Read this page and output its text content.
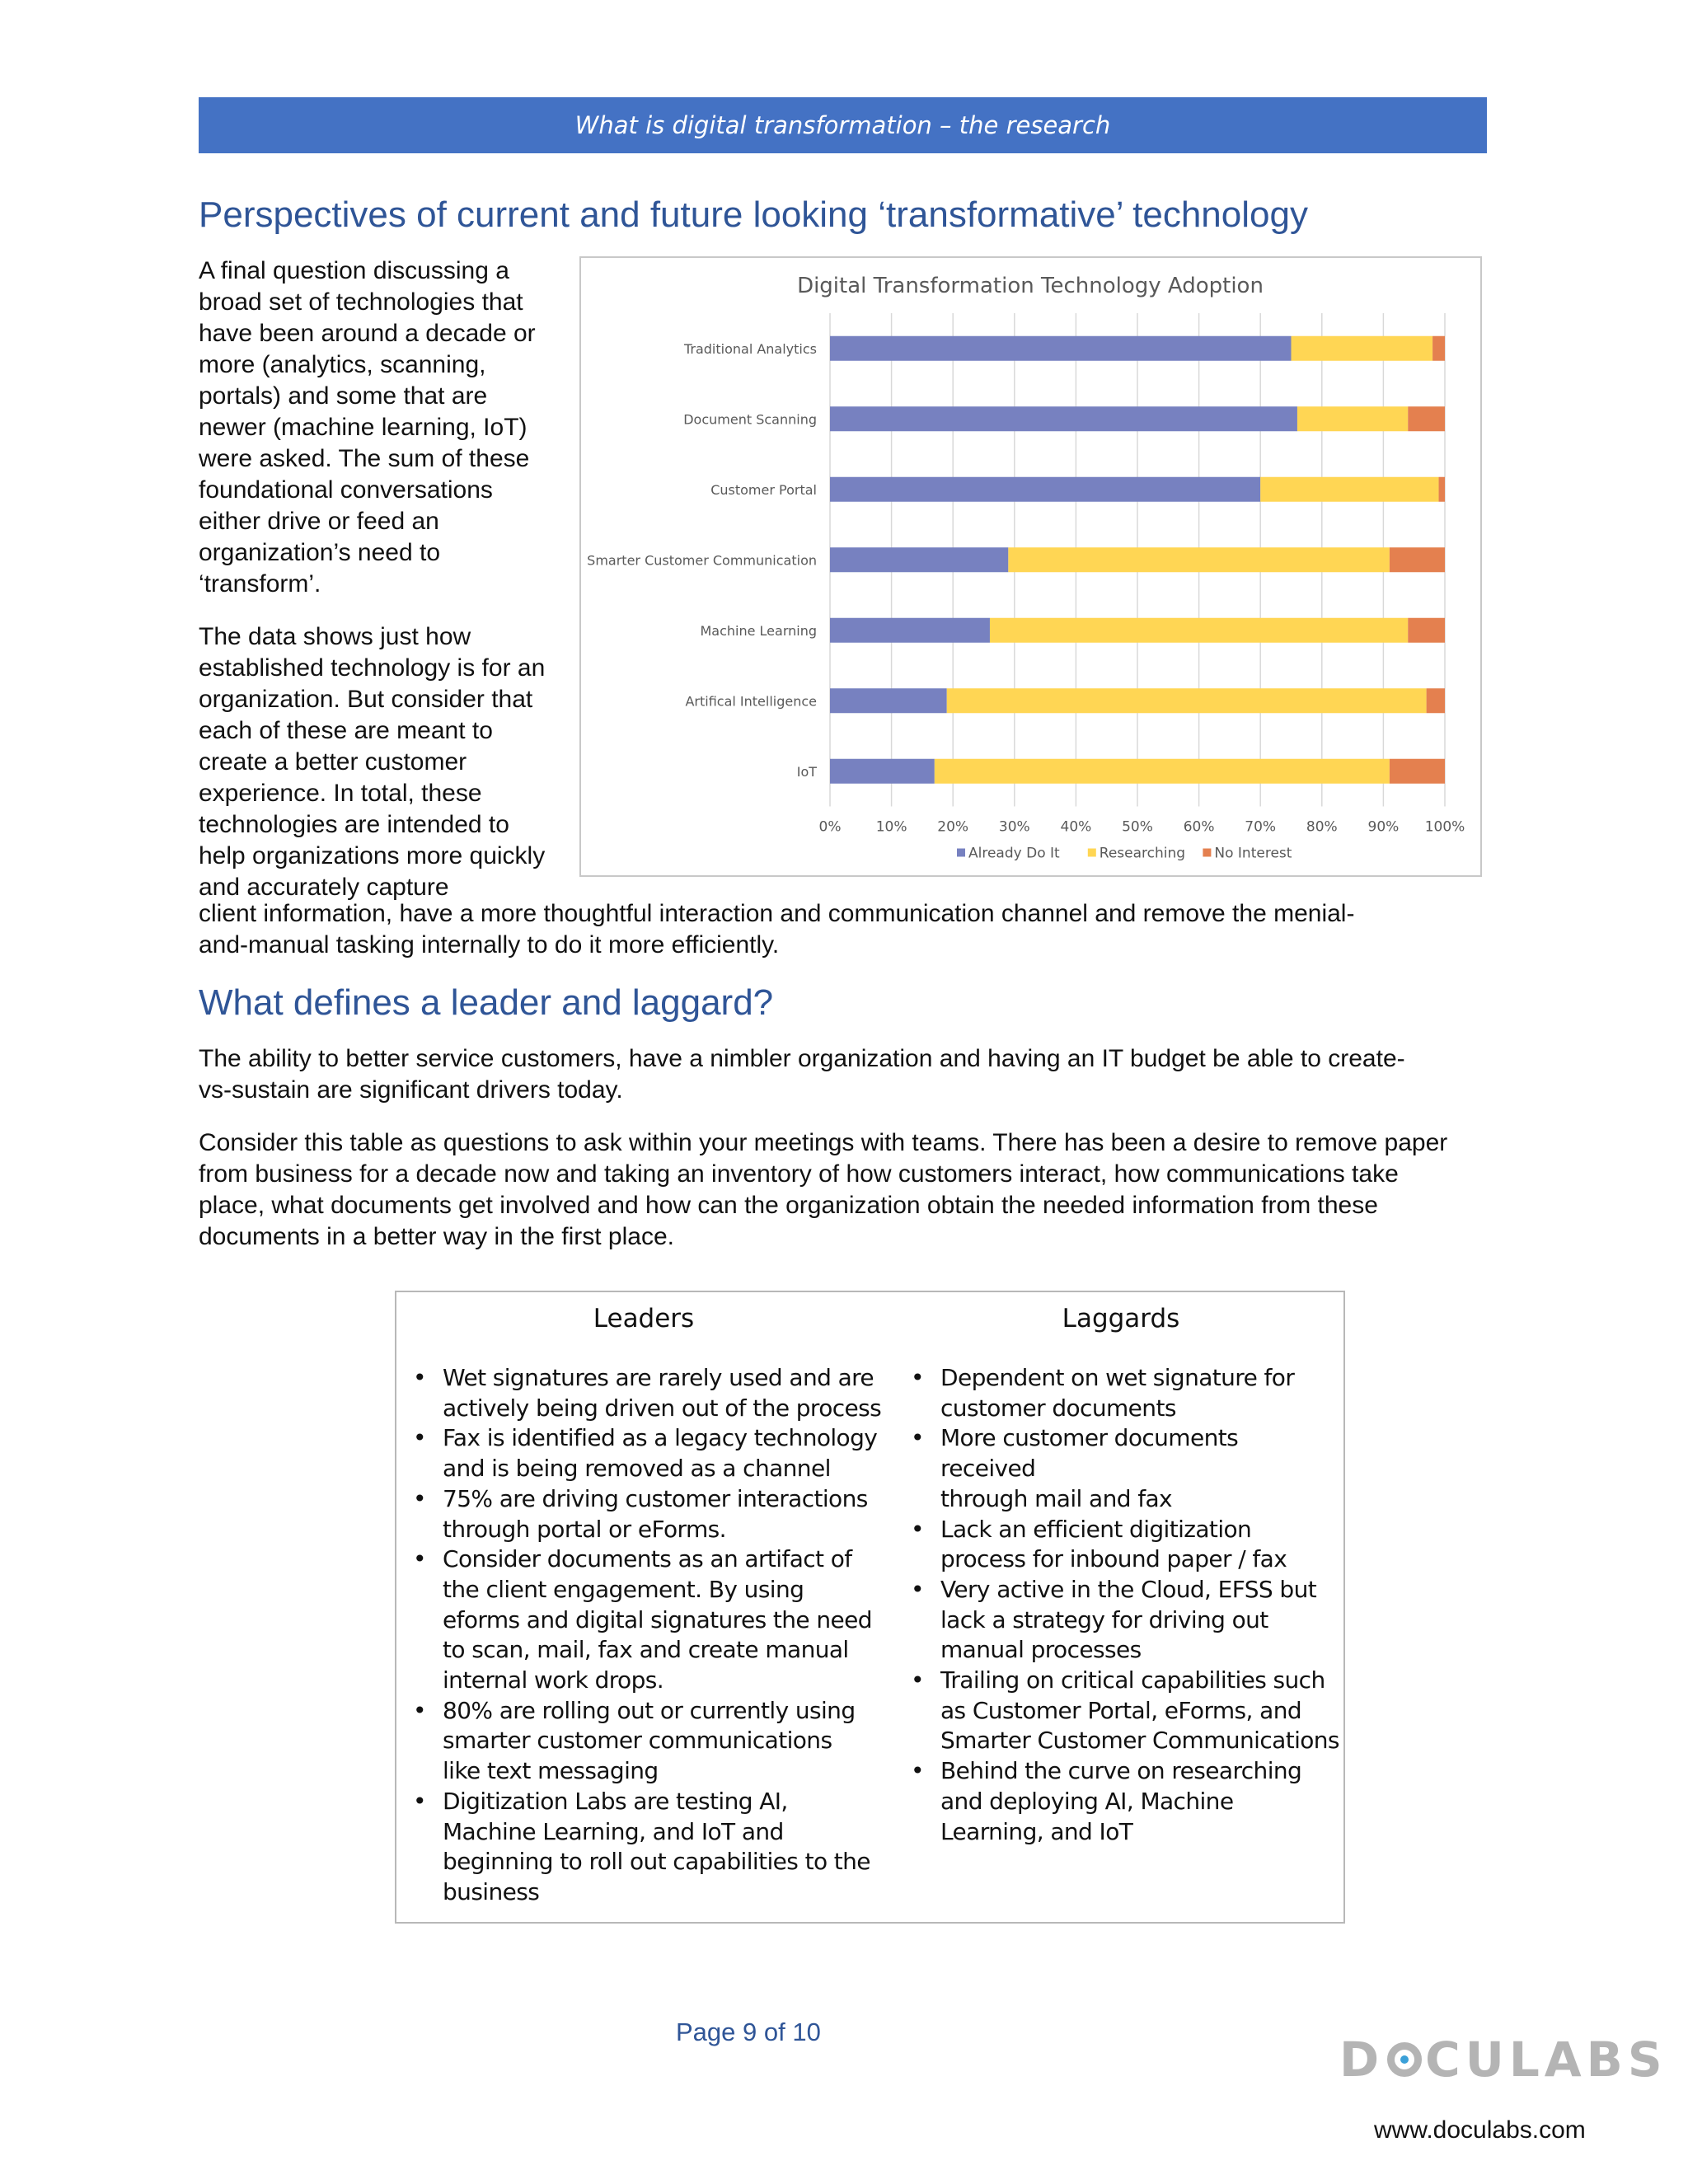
What is digital transformation – the research
Perspectives of current and future looking ‘transformative’ technology

A final question discussing a broad set of technologies that have been around a decade or more (analytics, scanning, portals) and some that are newer (machine learning, IoT) were asked. The sum of these foundational conversations either drive or feed an organization’s need to ‘transform’.

The data shows just how established technology is for an organization. But consider that each of these are meant to create a better customer experience. In total, these technologies are intended to help organizations more quickly and accurately capture

client information, have a more thoughtful interaction and communication channel and remove the menial-
and-manual tasking internally to do it more efficiently.
Digital Transformation Technology Adoption
Traditional Analytics
Document Scanning
Customer Portal
Smarter Customer Communication
Machine Learning
Artifical Intelligence
IoT
0% 10% 20% 30% 40% 50% 60% 70% 80% 90% 100%
Already Do It	Researching No Interest
What defines a leader and laggard?
The ability to better service customers, have a nimbler organization and having an IT budget be able to create-
vs-sustain are significant drivers today.

Consider this table as questions to ask within your meetings with teams. There has been a desire to remove paper from business for a decade now and taking an inventory of how customers interact, how communications take place, what documents get involved and how can the organization obtain the needed information from these documents in a better way in the first place.

Leaders
• Wet signatures are rarely used and are
actively being driven out of the process
• Fax is identified as a legacy technology
and is being removed as a channel
• 75% are driving customer interactions
through portal or eForms.
• Consider documents as an artifact of
the client engagement. By using
eforms and digital signatures the need
to scan, mail, fax and create manual
internal work drops.
• 80% are rolling out or currently using
smarter customer communications
like text messaging
• Digitization Labs are testing AI,
Machine Learning, and IoT and
beginning to roll out capabilities to the
business
Laggards
• Dependent on wet signature for
customer documents
• More customer documents received
through mail and fax
• Lack an efficient digitization
process for inbound paper / fax
• Very active in the Cloud, EFSS but
lack a strategy for driving out
manual processes
• Trailing on critical capabilities such
as Customer Portal, eForms, and
Smarter Customer Communications
• Behind the curve on researching
and deploying AI, Machine
Learning, and IoT
Page 9 of 10	D CULABS
www.doculabs.com
